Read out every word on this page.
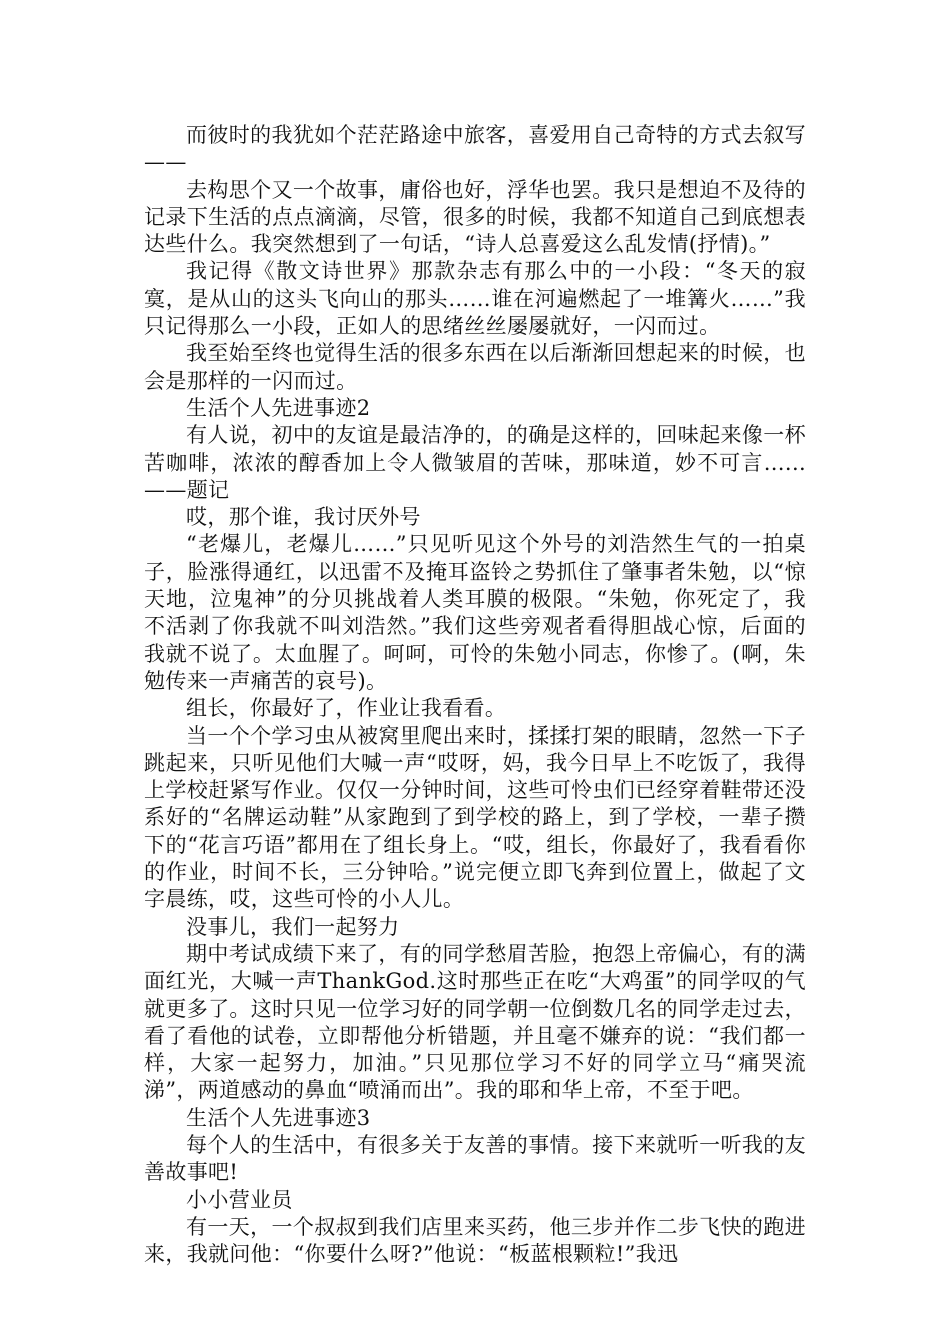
而彼时的我犹如个茫茫路途中旅客，喜爱用自己奇特的方式去叙写——

去构思个又一个故事，庸俗也好，浮华也罢。我只是想迫不及待的记录下生活的点点滴滴，尽管，很多的时候，我都不知道自己到底想表达些什么。我突然想到了一句话，“诗人总喜爱这么乱发情(抒情)。”

我记得《散文诗世界》那款杂志有那么中的一小段：“冬天的寂寞，是从山的这头飞向山的那头……谁在河遍燃起了一堆篝火……”我只记得那么一小段，正如人的思绪丝丝屡屡就好，一闪而过。

我至始至终也觉得生活的很多东西在以后渐渐回想起来的时候，也会是那样的一闪而过。

生活个人先进事迹2

有人说，初中的友谊是最洁净的，的确是这样的，回味起来像一杯苦咖啡，浓浓的醇香加上令人微皱眉的苦味，那味道，妙不可言…...——题记

哎，那个谁，我讨厌外号

“老爆儿，老爆儿……”只见听见这个外号的刘浩然生气的一拍桌子，脸涨得通红，以迅雷不及掩耳盗铃之势抓住了肇事者朱勉，以“惊天地，泣鬼神”的分贝挑战着人类耳膜的极限。“朱勉，你死定了，我不活剥了你我就不叫刘浩然。”我们这些旁观者看得胆战心惊，后面的我就不说了。太血腥了。呵呵，可怜的朱勉小同志，你惨了。(啊，朱勉传来一声痛苦的哀号)。

组长，你最好了，作业让我看看。

当一个个学习虫从被窝里爬出来时，揉揉打架的眼睛，忽然一下子跳起来，只听见他们大喊一声“哎呀，妈，我今日早上不吃饭了，我得上学校赶紧写作业。仅仅一分钟时间，这些可怜虫们已经穿着鞋带还没系好的“名牌运动鞋”从家跑到了到学校的路上，到了学校，一辈子攒下的“花言巧语”都用在了组长身上。“哎，组长，你最好了，我看看你的作业，时间不长，三分钟哈。”说完便立即飞奔到位置上，做起了文字晨练，哎，这些可怜的小人儿。

没事儿，我们一起努力

期中考试成绩下来了，有的同学愁眉苦脸，抱怨上帝偏心，有的满面红光，大喊一声ThankGod.这时那些正在吃“大鸡蛋”的同学叹的气就更多了。这时只见一位学习好的同学朝一位倒数几名的同学走过去，看了看他的试卷，立即帮他分析错题，并且毫不嫌弃的说：“我们都一样，大家一起努力，加油。”只见那位学习不好的同学立马“痛哭流涕”，两道感动的鼻血“喷涌而出”。我的耶和华上帝，不至于吧。

生活个人先进事迹3

每个人的生活中，有很多关于友善的事情。接下来就听一听我的友善故事吧!

小小营业员

有一天，一个叔叔到我们店里来买药，他三步并作二步飞快的跑进来，我就问他：“你要什么呀?”他说：“板蓝根颗粒!”我迅
